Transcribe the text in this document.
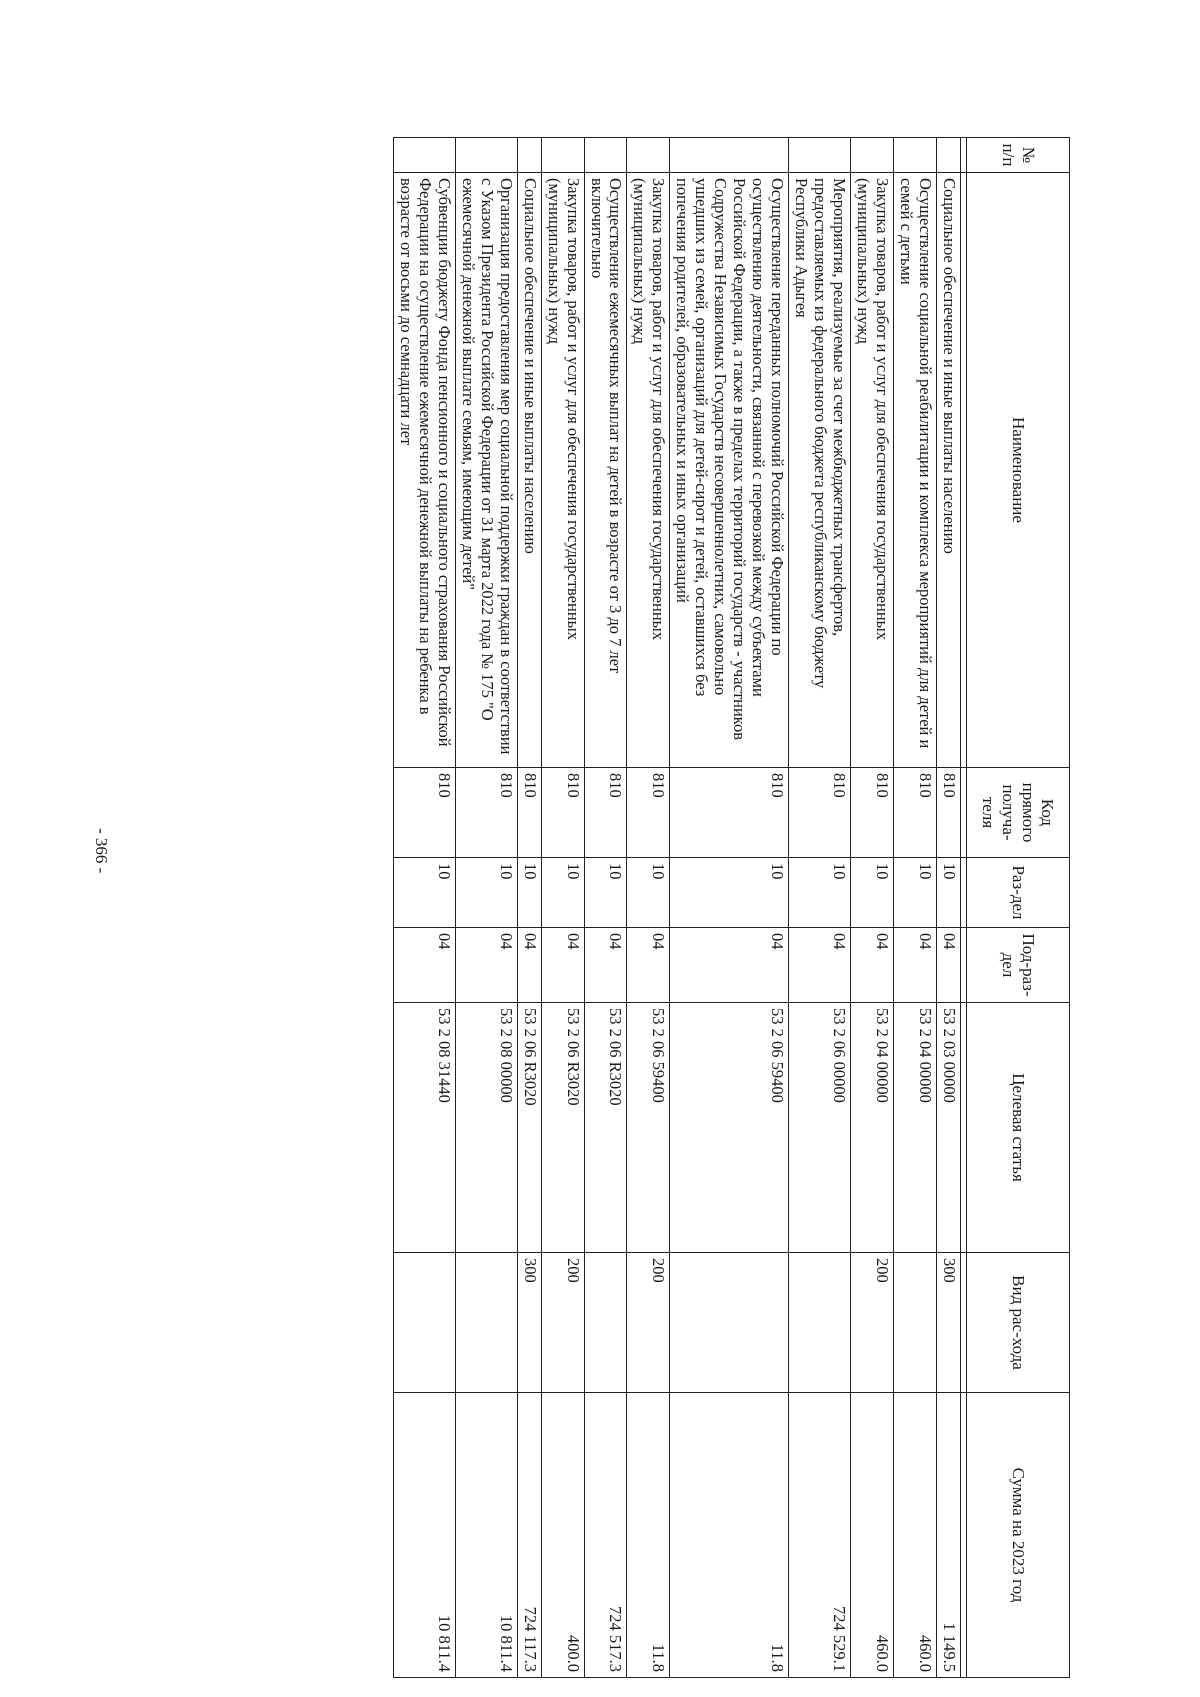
- 366 -
№ п/п	Наименование	Код прямого получа-теля	Раз-дел	Под-раз-дел	Целевая статья	Вид рас-хода	Сумма на 2023 год

	Социальное обеспечение и иные выплаты населению	810	10	04	53 2 03 00000	300	1 149.5
	Осуществление социальной реабилитации и комплекса мероприятий для детей и семей с детьми	810	10	04	53 2 04 00000		460.0
	Закупка товаров, работ и услуг для обеспечения государственных (муниципальных) нужд	810	10	04	53 2 04 00000	200	460.0
	Мероприятия, реализуемые за счет межбюджетных трансфертов, предоставляемых из федерального бюджета республиканскому бюджету Республики Адыгея	810	10	04	53 2 06 00000		724 529.1
	Осуществление переданных полномочий Российской Федерации по осуществлению деятельности, связанной с перевозкой между субъектами Российской Федерации, а также в пределах территорий государств - участников Содружества Независимых Государств несовершеннолетних, самовольно ушедших из семей, организаций для детей-сирот и детей, оставшихся без попечения родителей, образовательных и иных организаций	810	10	04	53 2 06 59400		11.8
	Закупка товаров, работ и услуг для обеспечения государственных (муниципальных) нужд	810	10	04	53 2 06 59400	200	11.8
	Осуществление ежемесячных выплат на детей в возрасте от 3 до 7 лет включительно	810	10	04	53 2 06 R3020		724 517.3
	Закупка товаров, работ и услуг для обеспечения государственных (муниципальных) нужд	810	10	04	53 2 06 R3020	200	400.0
	Социальное обеспечение и иные выплаты населению	810	10	04	53 2 06 R3020	300	724 117.3
	Организация предоставления мер социальной поддержки граждан в соответствии с Указом Президента Российской Федерации от 31 марта 2022 года № 175 "О ежемесячной денежной выплате семьям, имеющим детей"	810	10	04	53 2 08 00000		10 811.4
	Субвенции бюджету Фонда пенсионного и социального страхования Российской Федерации на осуществление ежемесячной денежной выплаты на ребенка в возрасте от восьми до семнадцати лет	810	10	04	53 2 08 31440		10 811.4
